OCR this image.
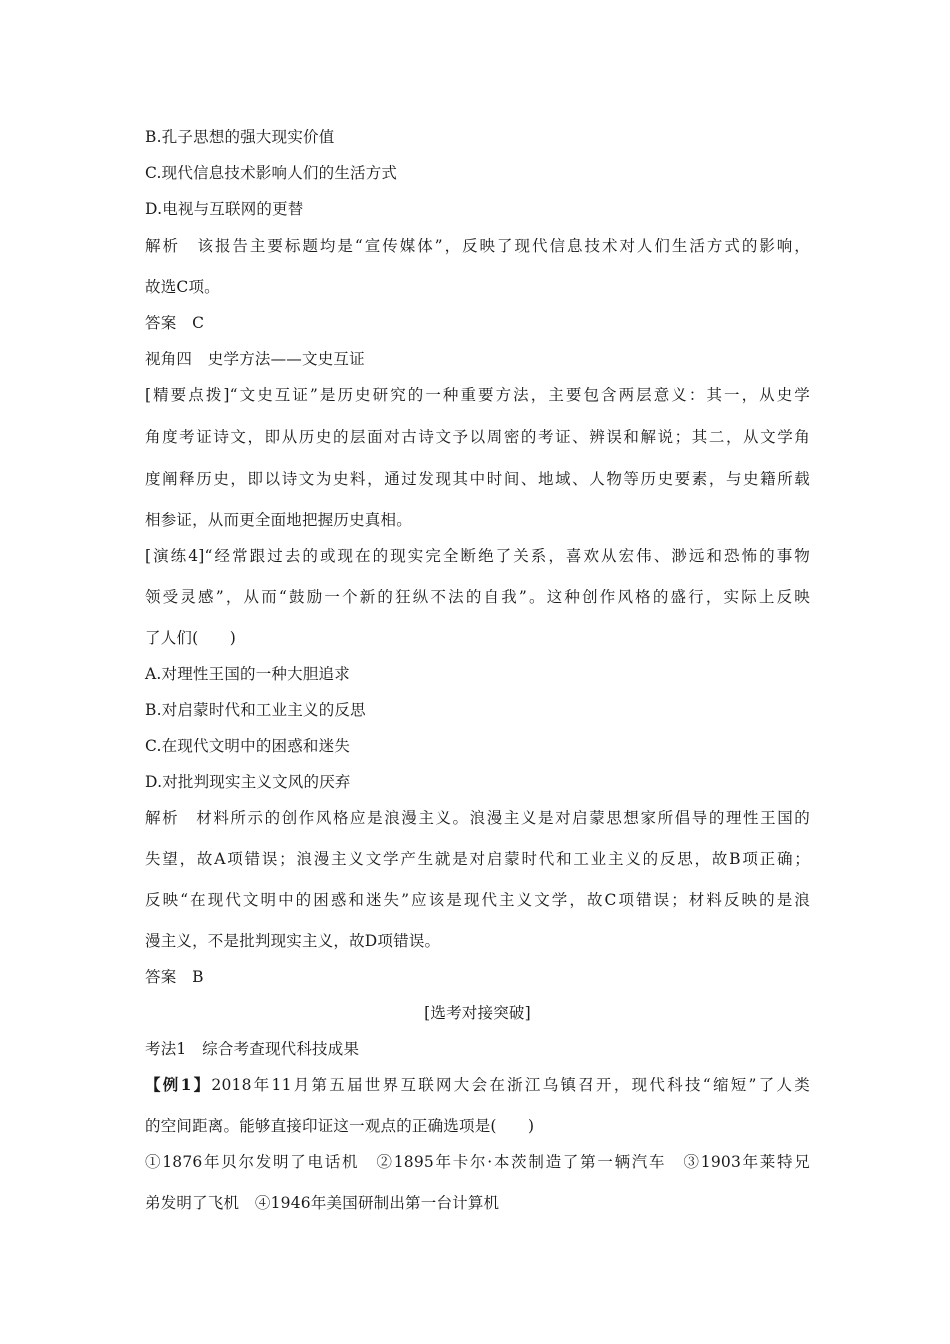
B.孔子思想的强大现实价值
C.现代信息技术影响人们的生活方式
D.电视与互联网的更替
解析　该报告主要标题均是“宣传媒体”，反映了现代信息技术对人们生活方式的影响，
故选C项。
答案　C
视角四　史学方法——文史互证
[精要点拨]“文史互证”是历史研究的一种重要方法，主要包含两层意义：其一，从史学
角度考证诗文，即从历史的层面对古诗文予以周密的考证、辨误和解说；其二，从文学角
度阐释历史，即以诗文为史料，通过发现其中时间、地域、人物等历史要素，与史籍所载
相参证，从而更全面地把握历史真相。
[演练4]“经常跟过去的或现在的现实完全断绝了关系，喜欢从宏伟、渺远和恐怖的事物
领受灵感”，从而“鼓励一个新的狂纵不法的自我”。这种创作风格的盛行，实际上反映
了人们(　　)
A.对理性王国的一种大胆追求
B.对启蒙时代和工业主义的反思
C.在现代文明中的困惑和迷失
D.对批判现实主义文风的厌弃
解析　材料所示的创作风格应是浪漫主义。浪漫主义是对启蒙思想家所倡导的理性王国的
失望，故A项错误；浪漫主义文学产生就是对启蒙时代和工业主义的反思，故B项正确；
反映“在现代文明中的困惑和迷失”应该是现代主义文学，故C项错误；材料反映的是浪
漫主义，不是批判现实主义，故D项错误。
答案　B
[选考对接突破]
考法1　综合考查现代科技成果
【例1】2018年11月第五届世界互联网大会在浙江乌镇召开，现代科技“缩短”了人类
的空间距离。能够直接印证这一观点的正确选项是(　　)
①1876年贝尔发明了电话机　②1895年卡尔·本茨制造了第一辆汽车　③1903年莱特兄
弟发明了飞机　④1946年美国研制出第一台计算机
